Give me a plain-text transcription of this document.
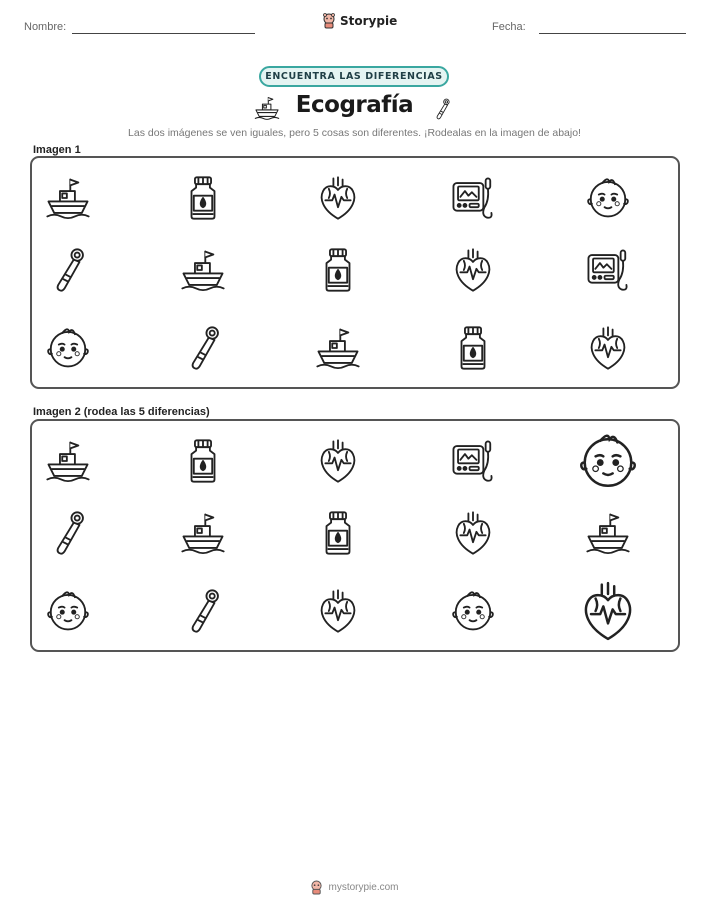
Nombre:	Storypie	Fecha:
ENCUENTRA LAS DIFERENCIAS
Ecografía
Las dos imágenes se ven iguales, pero 5 cosas son diferentes. ¡Rodealas en la imagen de abajo!
Imagen 1
Imagen 2 (rodea las 5 diferencias)
mystorypie.com
